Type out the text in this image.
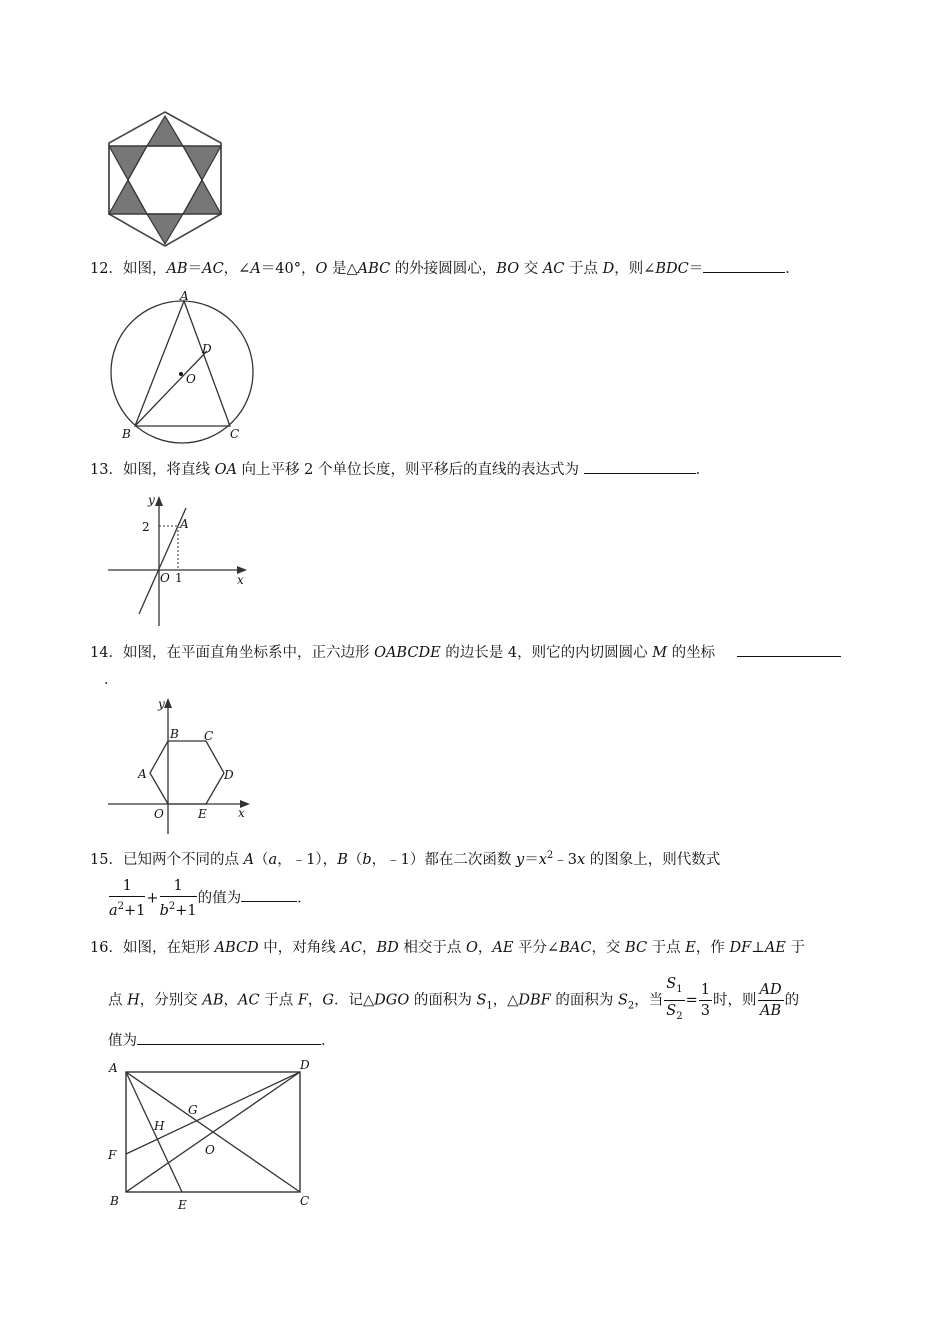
12．如图，AB＝AC，∠A＝40°，O 是△ABC 的外接圆圆心，BO 交 AC 于点 D，则∠BDC＝	．
A
B	C
D
O
13．如图，将直线 OA 向上平移 2 个单位长度，则平移后的直线的表达式为	．
y
x
2	A
O 1
14．如图，在平面直角坐标系中，正六边形 OABCDE 的边长是 4，则它的内切圆圆心 M 的坐标
．
y
x
A
B C
D
E
O
15．已知两个不同的点 A（a，﹣1），B（b，﹣1）都在二次函数 $y=x^2﹣3x$ 的图象上，则代数式
$\frac{1}{a^2+1} + \frac{1}{b^2+1}$ 的值为	．
16．如图，在矩形 ABCD 中，对角线 AC，BD 相交于点 O，AE 平分∠BAC，交 BC 于点 E，作 DF⊥AE 于
点 H，分别交 AB，AC 于点 F，G．记△DGO 的面积为 $S_1$，△DBF 的面积为 $S_2$，当 $\frac{S_1}{S_2} = \frac{1}{3}$ 时，则 $\frac{AD}{AB}$ 的
值为	．
A	D
B	C
E
F
G
H
O
